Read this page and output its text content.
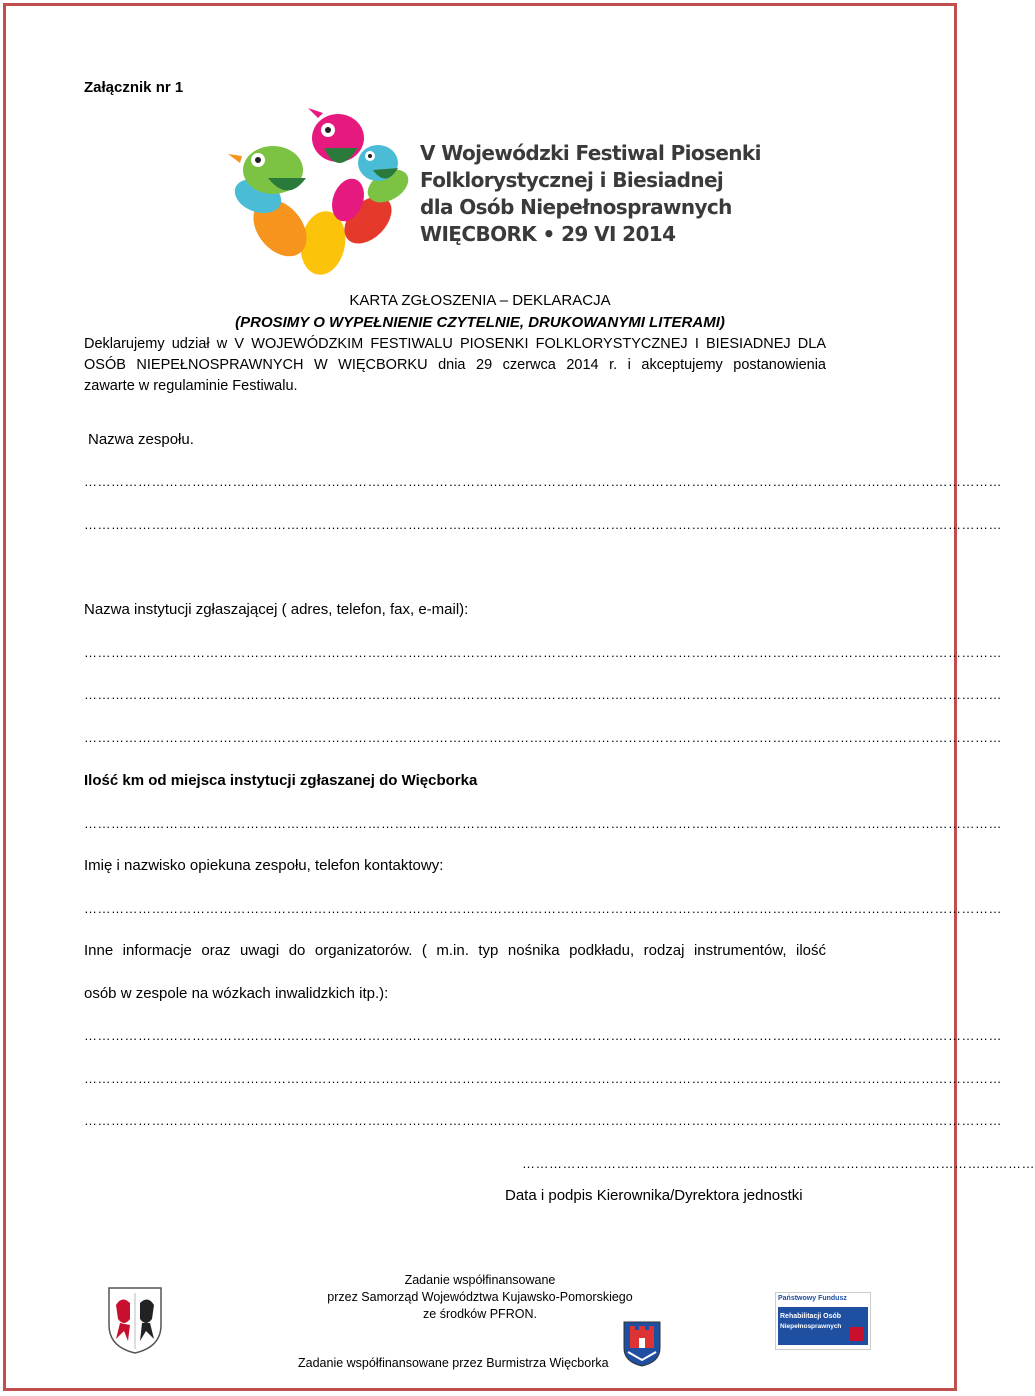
Załącznik nr 1
V Wojewódzki Festiwal Piosenki
Folklorystycznej i Biesiadnej
dla Osób Niepełnosprawnych
WIĘCBORK • 29 VI 2014
KARTA ZGŁOSZENIA – DEKLARACJA
(PROSIMY O WYPEŁNIENIE CZYTELNIE, DRUKOWANYMI LITERAMI)
Deklarujemy udział w V WOJEWÓDZKIM FESTIWALU PIOSENKI FOLKLORYSTYCZNEJ I BIESIADNEJ DLA
OSÓB NIEPEŁNOSPRAWNYCH W WIĘCBORKU dnia 29 czerwca 2014 r. i akceptujemy postanowienia
zawarte w regulaminie Festiwalu.
Nazwa zespołu.
……………………………………………………………………………………………………………………………………………………………………………………
……………………………………………………………………………………………………………………………………………………………………………………
Nazwa instytucji zgłaszającej ( adres, telefon, fax, e-mail):
……………………………………………………………………………………………………………………………………………………………………………………
……………………………………………………………………………………………………………………………………………………………………………………
……………………………………………………………………………………………………………………………………………………………………………………
Ilość km od miejsca instytucji zgłaszanej do Więcborka
……………………………………………………………………………………………………………………………………………………………………………………
Imię i nazwisko opiekuna zespołu, telefon kontaktowy:
……………………………………………………………………………………………………………………………………………………………………………………
Inne informacje oraz uwagi do organizatorów. ( m.in. typ nośnika podkładu, rodzaj instrumentów, ilość
osób w zespole na wózkach inwalidzkich itp.):
……………………………………………………………………………………………………………………………………………………………………………………
……………………………………………………………………………………………………………………………………………………………………………………
……………………………………………………………………………………………………………………………………………………………………………………
……………………………………………………………………………………………………
Data i podpis Kierownika/Dyrektora jednostki
Zadanie współfinansowane
przez Samorząd Województwa Kujawsko-Pomorskiego
ze środków PFRON.
Zadanie współfinansowane przez Burmistrza Więcborka
Państwowy Fundusz
Rehabilitacji Osób
Niepełnosprawnych
